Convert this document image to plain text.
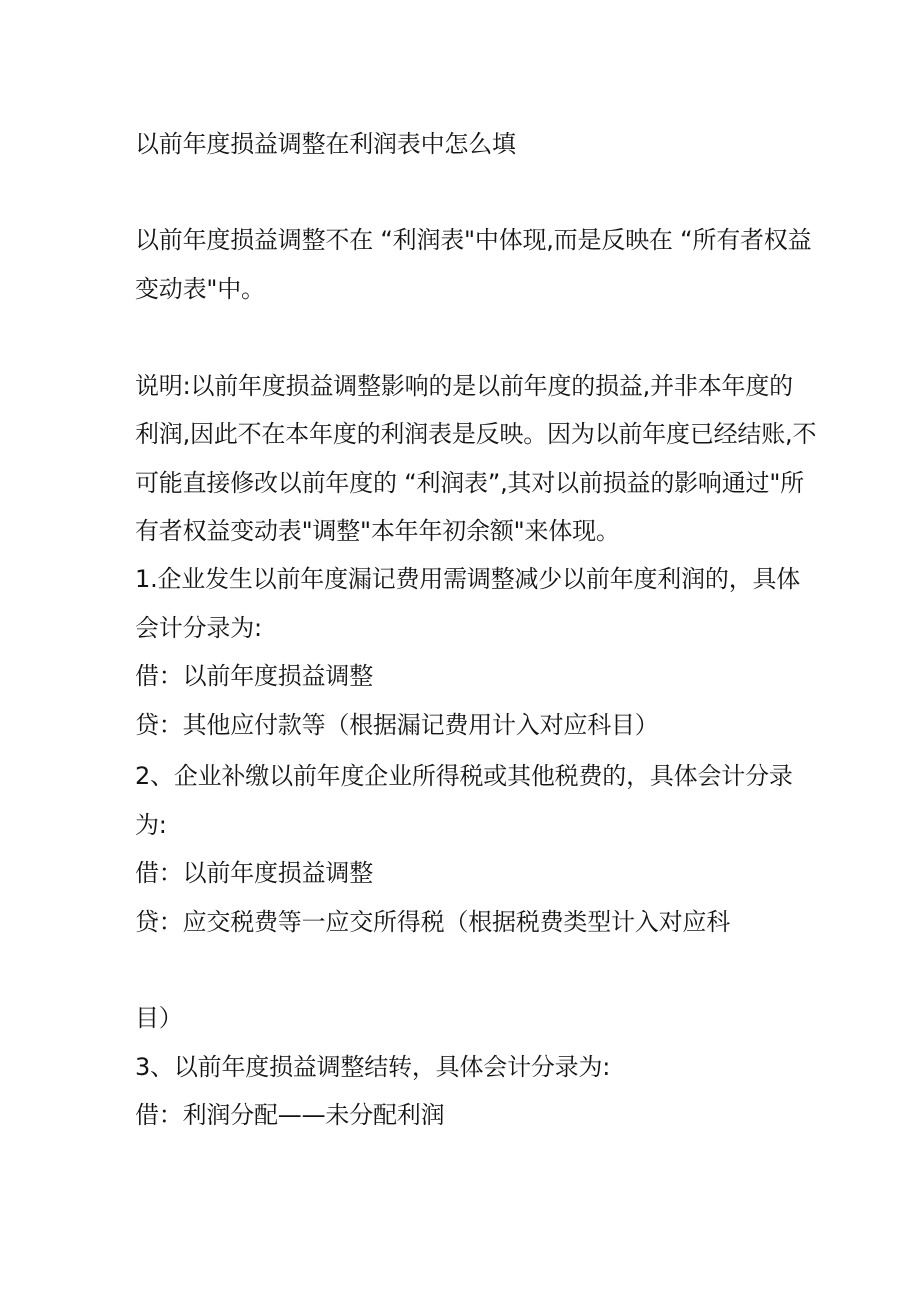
以前年度损益调整在利润表中怎么填
以前年度损益调整不在 “利润表"中体现,而是反映在 “所有者权益
变动表"中。
说明:以前年度损益调整影响的是以前年度的损益,并非本年度的
利润,因此不在本年度的利润表是反映。因为以前年度已经结账,不
可能直接修改以前年度的 “利润表”,其对以前损益的影响通过"所
有者权益变动表"调整"本年年初余额"来体现。
1.企业发生以前年度漏记费用需调整减少以前年度利润的，具体
会计分录为:
借：以前年度损益调整
贷：其他应付款等（根据漏记费用计入对应科目）
2、企业补缴以前年度企业所得税或其他税费的，具体会计分录
为:
借：以前年度损益调整
贷：应交税费等一应交所得税（根据税费类型计入对应科
目）
3、以前年度损益调整结转，具体会计分录为:
借：利润分配——未分配利润
